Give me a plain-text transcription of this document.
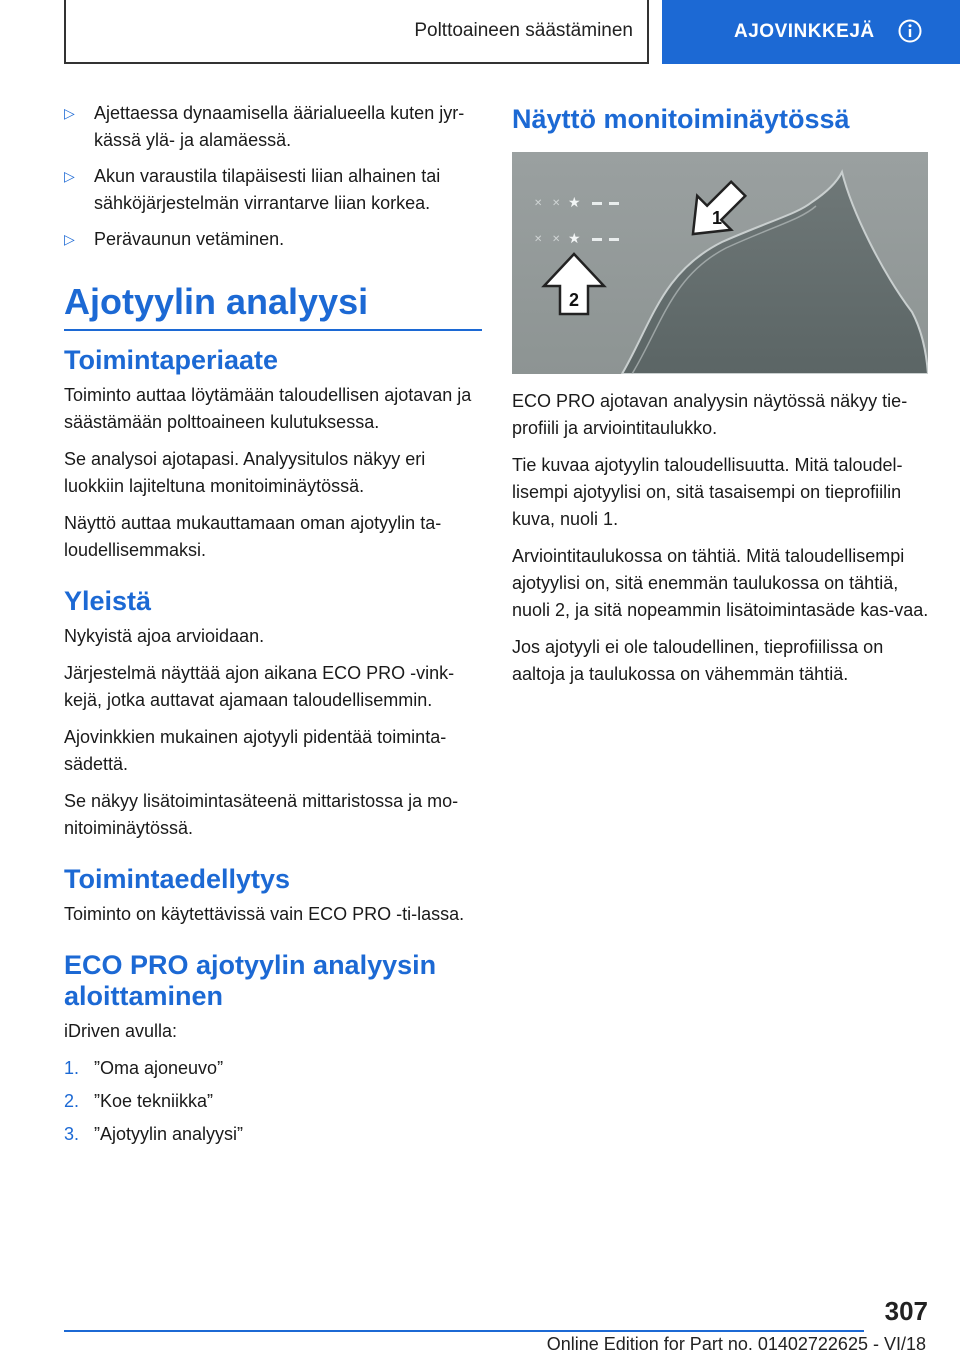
Polttoaineen säästäminen	AJOVINKKEJÄ
▷ Ajettaessa dynaamisella äärialueella kuten jyr-kässä ylä- ja alamäessä.
▷ Akun varaustila tilapäisesti liian alhainen tai sähköjärjestelmän virrantarve liian korkea.
▷ Perävaunun vetäminen.
Ajotyylin analyysi
Toimintaperiaate

Toiminto auttaa löytämään taloudellisen ajotavan ja säästämään polttoaineen kulutuksessa.

Se analysoi ajotapasi. Analyysitulos näkyy eri luokkiin lajiteltuna monitoiminäytössä.

Näyttö auttaa mukauttamaan oman ajotyylin ta-loudellisemmaksi.

Yleistä

Nykyistä ajoa arvioidaan.

Järjestelmä näyttää ajon aikana ECO PRO -vink-kejä, jotka auttavat ajamaan taloudellisemmin.

Ajovinkkien mukainen ajotyyli pidentää toiminta-sädettä.

Se näkyy lisätoimintasäteenä mittaristossa ja mo-nitoiminäytössä.

Toimintaedellytys

Toiminto on käytettävissä vain ECO PRO -ti-lassa.

ECO PRO ajotyylin analyysin aloittaminen

iDriven avulla:

1. ”Oma ajoneuvo”
2. ”Koe tekniikka”
3. ”Ajotyylin analyysi”
Näyttö monitoiminäytössä
✕ ✕ ★
✕ ✕ ★
1
2

ECO PRO ajotavan analyysin näytössä näkyy tie-profiili ja arviointitaulukko.

Tie kuvaa ajotyylin taloudellisuutta. Mitä taloudel-lisempi ajotyylisi on, sitä tasaisempi on tieprofiilin kuva, nuoli 1.

Arviointitaulukossa on tähtiä. Mitä taloudellisempi ajotyylisi on, sitä enemmän taulukossa on tähtiä, nuoli 2, ja sitä nopeammin lisätoimintasäde kas-vaa.

Jos ajotyyli ei ole taloudellinen, tieprofiilissa on aaltoja ja taulukossa on vähemmän tähtiä.

307
Online Edition for Part no. 01402722625 - VI/18
